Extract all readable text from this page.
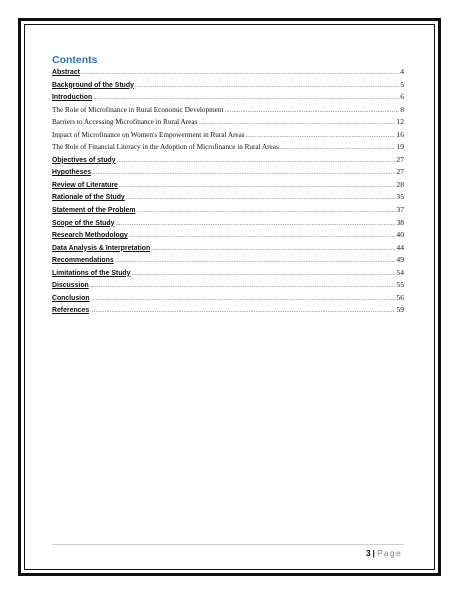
Contents
Abstract .....	4
Background of the Study .....	5
Introduction .....	6
The Role of Microfinance in Rural Economic Development .....	8
Barriers to Accessing Microfinance in Rural Areas .....	12
Impact of Microfinance on Women's Empowerment in Rural Areas .....	16
The Role of Financial Literacy in the Adoption of Microfinance in Rural Areas .....	19
Objectives of study .....	27
Hypotheses .....	27
Review of Literature .....	28
Rationale of the Study .....	35
Statement of the Problem .....	37
Scope of the Study .....	38
Research Methodology .....	40
Data Analysis & Interpretation .....	44
Recommendations .....	49
Limitations of the Study .....	54
Discussion .....	55
Conclusion .....	56
References .....	59
3 | Page
